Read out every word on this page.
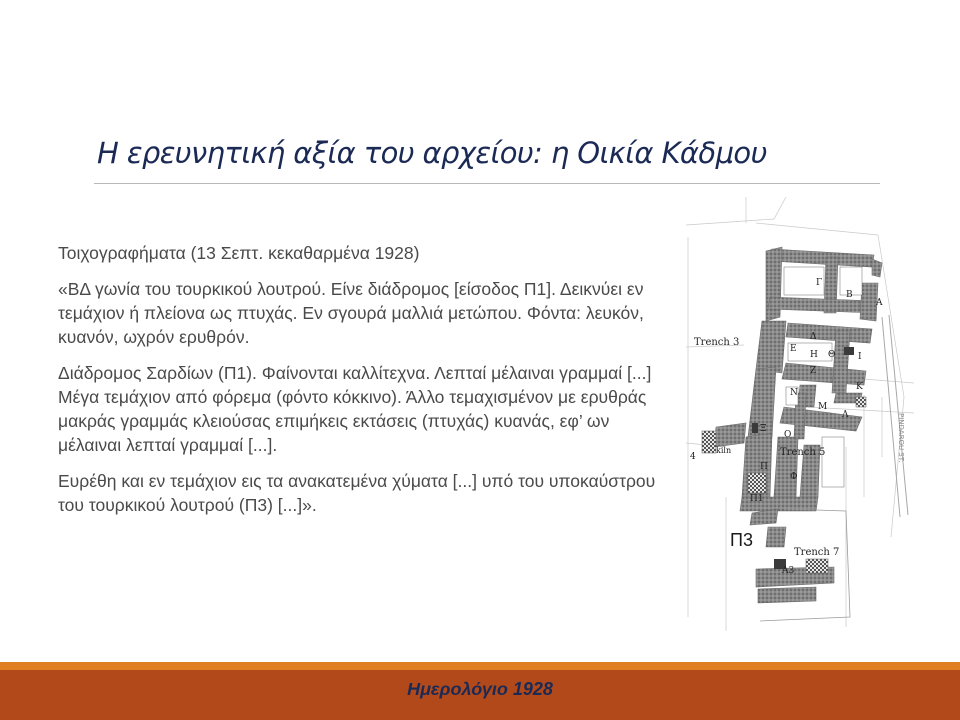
Η ερευνητική αξία του αρχείου: η Οικία Κάδμου

Τοιχογραφήματα (13 Σεπτ. κεκαθαρμένα 1928)

«ΒΔ γωνία του τουρκικού λουτρού. Είνε διάδρομος [είσοδος Π1]. Δεικνύει εν τεμάχιον ή πλείονα ως πτυχάς. Εν σγουρά μαλλιά μετώπου. Φόντα: λευκόν, κυανόν, ωχρόν ερυθρόν.

Διάδρομος Σαρδίων (Π1). Φαίνονται καλλίτεχνα. Λεπταί μέλαιναι γραμμαί [...] Μέγα τεμάχιον από φόρεμα (φόντο κόκκινο). Άλλο τεμαχισμένον με ερυθράς μακράς γραμμάς κλειούσας επιμήκεις εκτάσεις (πτυχάς) κυανάς, εφ’ ων μέλαιναι λεπταί γραμμαί [...].

Ευρέθη και εν τεμάχιον εις τα ανακατεμένα χύματα [...] υπό του υποκαύστρου του τουρκικού λουτρού (Π3) [...]».

Trench 3
Trench 5
Trench 7
kiln
4
Γ
Β
Α
Δ
Η
Ε
Θ	Ι
Ζ
Κ
Ν
Μ
Λ
Ξ
Ο
Π
Φ
Π1
Α3
PINDAROU ST.
Π3
Ημερολόγιο 1928
